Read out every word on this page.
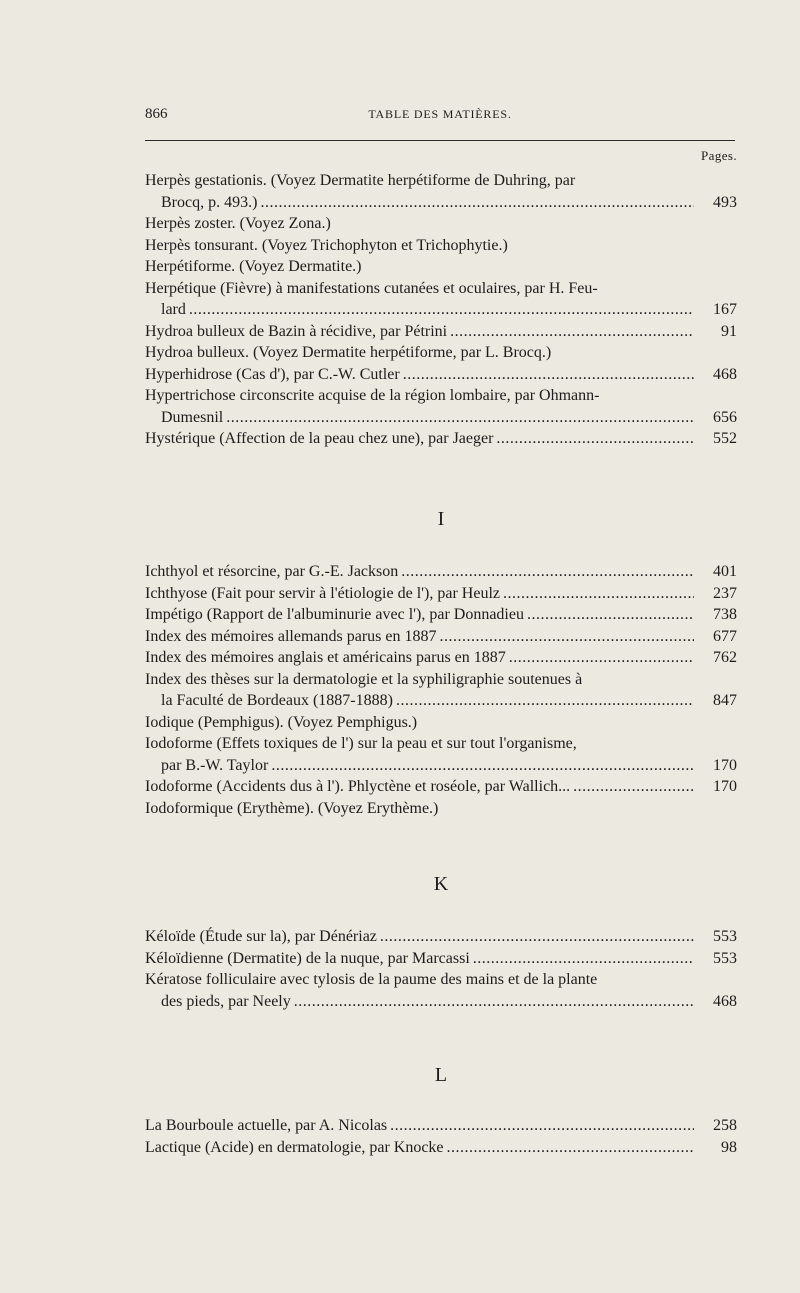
866	TABLE DES MATIÈRES.
Pages.
Herpès gestationis. (Voyez Dermatite herpétiforme de Duhring, par
Brocq, p. 493.) .....	493
Herpès zoster. (Voyez Zona.)
Herpès tonsurant. (Voyez Trichophyton et Trichophytie.)
Herpétiforme. (Voyez Dermatite.)
Herpétique (Fièvre) à manifestations cutanées et oculaires, par H. Feu-
lard .....	167
Hydroa bulleux de Bazin à récidive, par Pétrini .....	91
Hydroa bulleux. (Voyez Dermatite herpétiforme, par L. Brocq.)
Hyperhidrose (Cas d'), par C.-W. Cutler .....	468
Hypertrichose circonscrite acquise de la région lombaire, par Ohmann-
Dumesnil .....	656
Hystérique (Affection de la peau chez une), par Jaeger .....	552
I
Ichthyol et résorcine, par G.-E. Jackson .....	401
Ichthyose (Fait pour servir à l'étiologie de l'), par Heulz .....	237
Impétigo (Rapport de l'albuminurie avec l'), par Donnadieu .....	738
Index des mémoires allemands parus en 1887 .....	677
Index des mémoires anglais et américains parus en 1887 .....	762
Index des thèses sur la dermatologie et la syphiligraphie soutenues à
la Faculté de Bordeaux (1887-1888) .....	847
Iodique (Pemphigus). (Voyez Pemphigus.)
Iodoforme (Effets toxiques de l') sur la peau et sur tout l'organisme,
par B.-W. Taylor .....	170
Iodoforme (Accidents dus à l'). Phlyctène et roséole, par Wallich... .....	170
Iodoformique (Erythème). (Voyez Erythème.)
K
Kéloïde (Étude sur la), par Dénériaz .....	553
Kéloïdienne (Dermatite) de la nuque, par Marcassi .....	553
Kératose folliculaire avec tylosis de la paume des mains et de la plante
des pieds, par Neely .....	468
L
La Bourboule actuelle, par A. Nicolas .....	258
Lactique (Acide) en dermatologie, par Knocke .....	98
